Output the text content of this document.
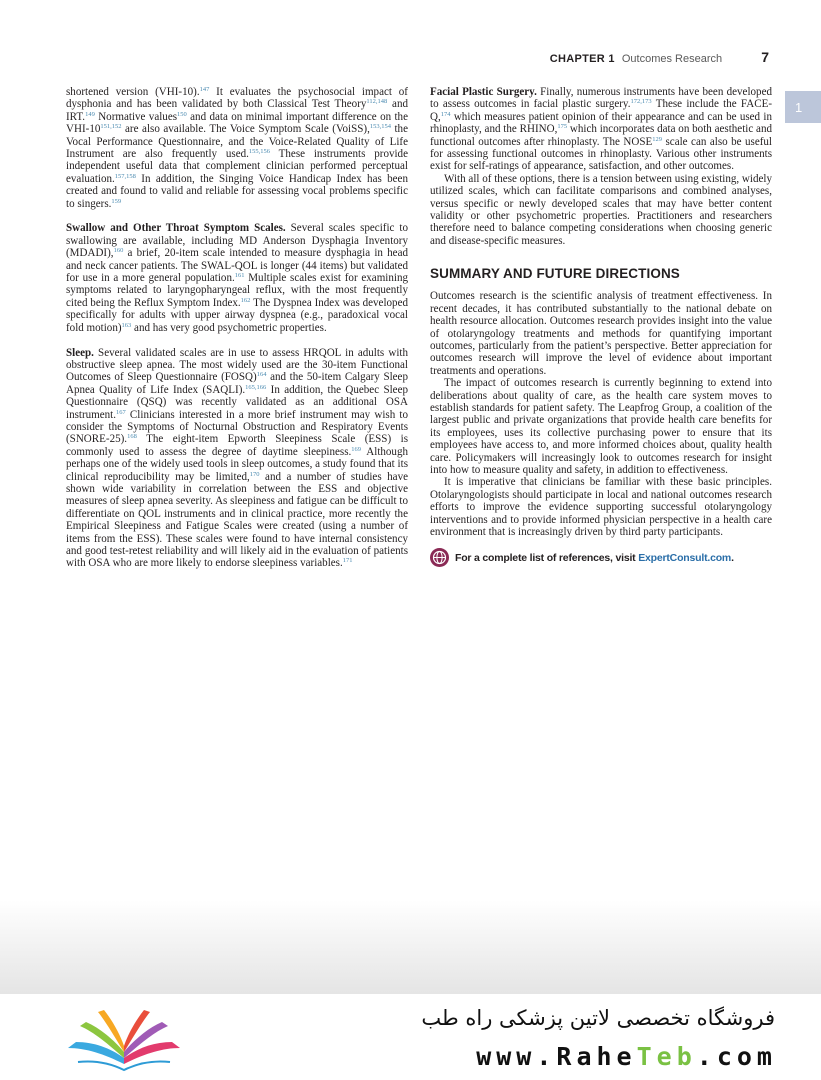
CHAPTER 1 Outcomes Research	7
1

shortened version (VHI-10).$^{147}$ It evaluates the psychosocial impact of dysphonia and has been validated by both Classical Test Theory$^{112,148}$ and IRT.$^{149}$ Normative values$^{150}$ and data on minimal important difference on the VHI-10$^{151,152}$ are also available. The Voice Symptom Scale (VoiSS),$^{153,154}$ the Vocal Performance Questionnaire, and the Voice-Related Quality of Life Instrument are also frequently used.$^{155,156}$ These instruments provide independent useful data that complement clinician performed perceptual evaluation.$^{157,158}$ In addition, the Singing Voice Handicap Index has been created and found to valid and reliable for assessing vocal problems specific to singers.$^{159}$

Swallow and Other Throat Symptom Scales. Several scales specific to swallowing are available, including MD Anderson Dysphagia Inventory (MDADI),$^{160}$ a brief, 20-item scale intended to measure dysphagia in head and neck cancer patients. The SWAL-QOL is longer (44 items) but validated for use in a more general population.$^{161}$ Multiple scales exist for examining symptoms related to laryngopharyngeal reflux, with the most frequently cited being the Reflux Symptom Index.$^{162}$ The Dyspnea Index was developed specifically for adults with upper airway dyspnea (e.g., paradoxical vocal fold motion)$^{163}$ and has very good psychometric properties.

Sleep. Several validated scales are in use to assess HRQOL in adults with obstructive sleep apnea. The most widely used are the 30-item Functional Outcomes of Sleep Questionnaire (FOSQ)$^{164}$ and the 50-item Calgary Sleep Apnea Quality of Life Index (SAQLI).$^{165,166}$ In addition, the Quebec Sleep Questionnaire (QSQ) was recently validated as an additional OSA instrument.$^{167}$ Clinicians interested in a more brief instrument may wish to consider the Symptoms of Nocturnal Obstruction and Respiratory Events (SNORE-25).$^{168}$ The eight-item Epworth Sleepiness Scale (ESS) is commonly used to assess the degree of daytime sleepiness.$^{169}$ Although perhaps one of the widely used tools in sleep outcomes, a study found that its clinical reproducibility may be limited,$^{170}$ and a number of studies have shown wide variability in correlation between the ESS and objective measures of sleep apnea severity. As sleepiness and fatigue can be difficult to differentiate on QOL instruments and in clinical practice, more recently the Empirical Sleepiness and Fatigue Scales were created (using a number of items from the ESS). These scales were found to have internal consistency and good test-retest reliability and will likely aid in the evaluation of patients with OSA who are more likely to endorse sleepiness variables.$^{171}$

Facial Plastic Surgery. Finally, numerous instruments have been developed to assess outcomes in facial plastic surgery.$^{172,173}$ These include the FACE-Q,$^{174}$ which measures patient opinion of their appearance and can be used in rhinoplasty, and the RHINO,$^{175}$ which incorporates data on both aesthetic and functional outcomes after rhinoplasty. The NOSE$^{129}$ scale can also be useful for assessing functional outcomes in rhinoplasty. Various other instruments exist for self-ratings of appearance, satisfaction, and other outcomes.

With all of these options, there is a tension between using existing, widely utilized scales, which can facilitate comparisons and combined analyses, versus specific or newly developed scales that may have better content validity or other psychometric properties. Practitioners and researchers therefore need to balance competing considerations when choosing generic and disease-specific measures.

SUMMARY AND FUTURE DIRECTIONS

Outcomes research is the scientific analysis of treatment effectiveness. In recent decades, it has contributed substantially to the national debate on health resource allocation. Outcomes research provides insight into the value of otolaryngology treatments and methods for quantifying important outcomes, particularly from the patient’s perspective. Better appreciation for outcomes research will improve the level of evidence about important treatments and operations.

The impact of outcomes research is currently beginning to extend into deliberations about quality of care, as the health care system moves to establish standards for patient safety. The Leapfrog Group, a coalition of the largest public and private organizations that provide health care benefits for its employees, uses its collective purchasing power to ensure that its employees have access to, and more informed choices about, quality health care. Policymakers will increasingly look to outcomes research for insight into how to measure quality and safety, in addition to effectiveness.

It is imperative that clinicians be familiar with these basic principles. Otolaryngologists should participate in local and national outcomes research efforts to improve the evidence supporting successful otolaryngology interventions and to provide informed physician perspective in a health care environment that is increasingly driven by third party participants.

For a complete list of references, visit ExpertConsult.com.
فروشگاه تخصصی لاتین پزشکی راه طب
www.RaheTeb.com
